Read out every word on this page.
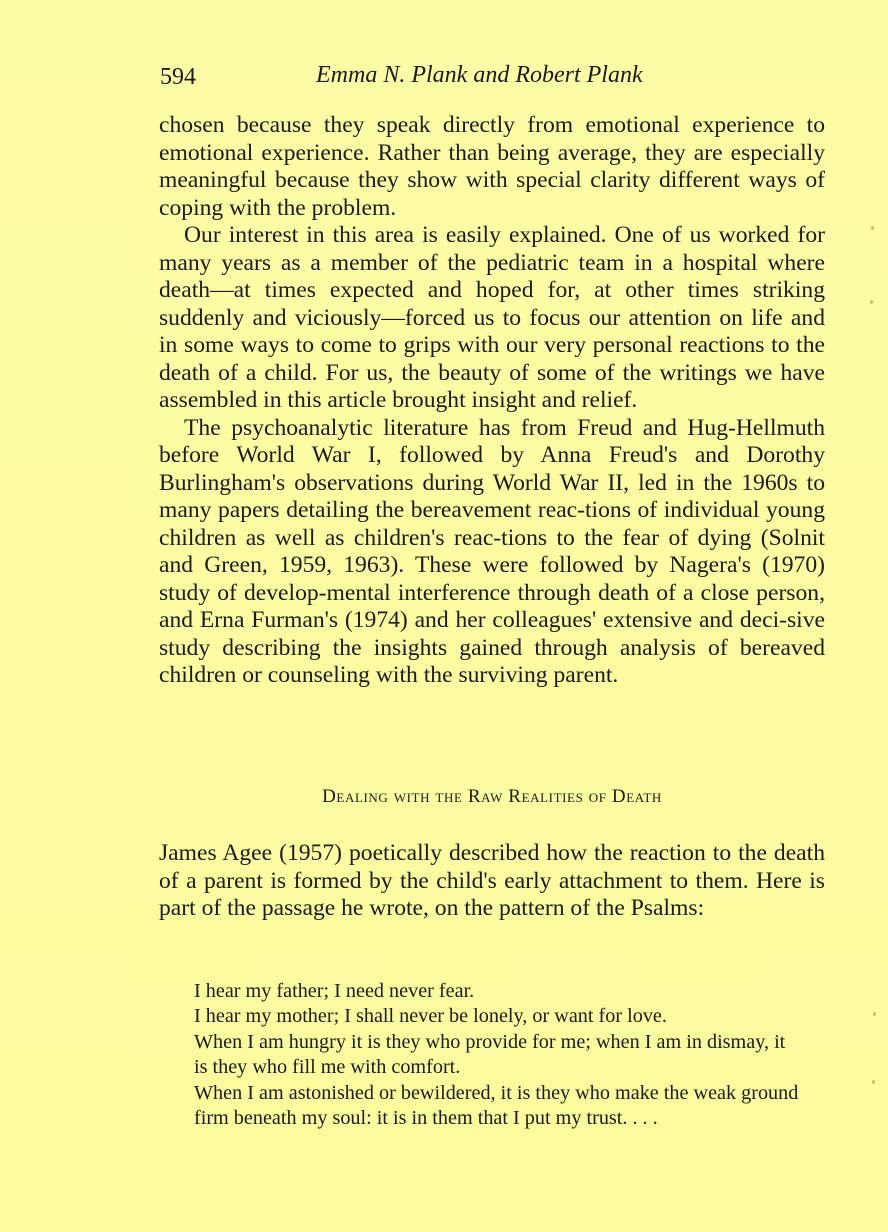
594	Emma N. Plank and Robert Plank

chosen because they speak directly from emotional experience to emotional experience. Rather than being average, they are especially meaningful because they show with special clarity different ways of coping with the problem.

Our interest in this area is easily explained. One of us worked for many years as a member of the pediatric team in a hospital where death—at times expected and hoped for, at other times striking suddenly and viciously—forced us to focus our attention on life and in some ways to come to grips with our very personal reactions to the death of a child. For us, the beauty of some of the writings we have assembled in this article brought insight and relief.

The psychoanalytic literature has from Freud and Hug-Hellmuth before World War I, followed by Anna Freud's and Dorothy Burlingham's observations during World War II, led in the 1960s to many papers detailing the bereavement reac-tions of individual young children as well as children's reac-tions to the fear of dying (Solnit and Green, 1959, 1963). These were followed by Nagera's (1970) study of develop-mental interference through death of a close person, and Erna Furman's (1974) and her colleagues' extensive and deci-sive study describing the insights gained through analysis of bereaved children or counseling with the surviving parent.

Dealing with the Raw Realities of Death

James Agee (1957) poetically described how the reaction to the death of a parent is formed by the child's early attachment to them. Here is part of the passage he wrote, on the pattern of the Psalms:

I hear my father; I need never fear.

I hear my mother; I shall never be lonely, or want for love.

When I am hungry it is they who provide for me; when I am in dismay, it is they who fill me with comfort.

When I am astonished or bewildered, it is they who make the weak ground firm beneath my soul: it is in them that I put my trust. . . .
